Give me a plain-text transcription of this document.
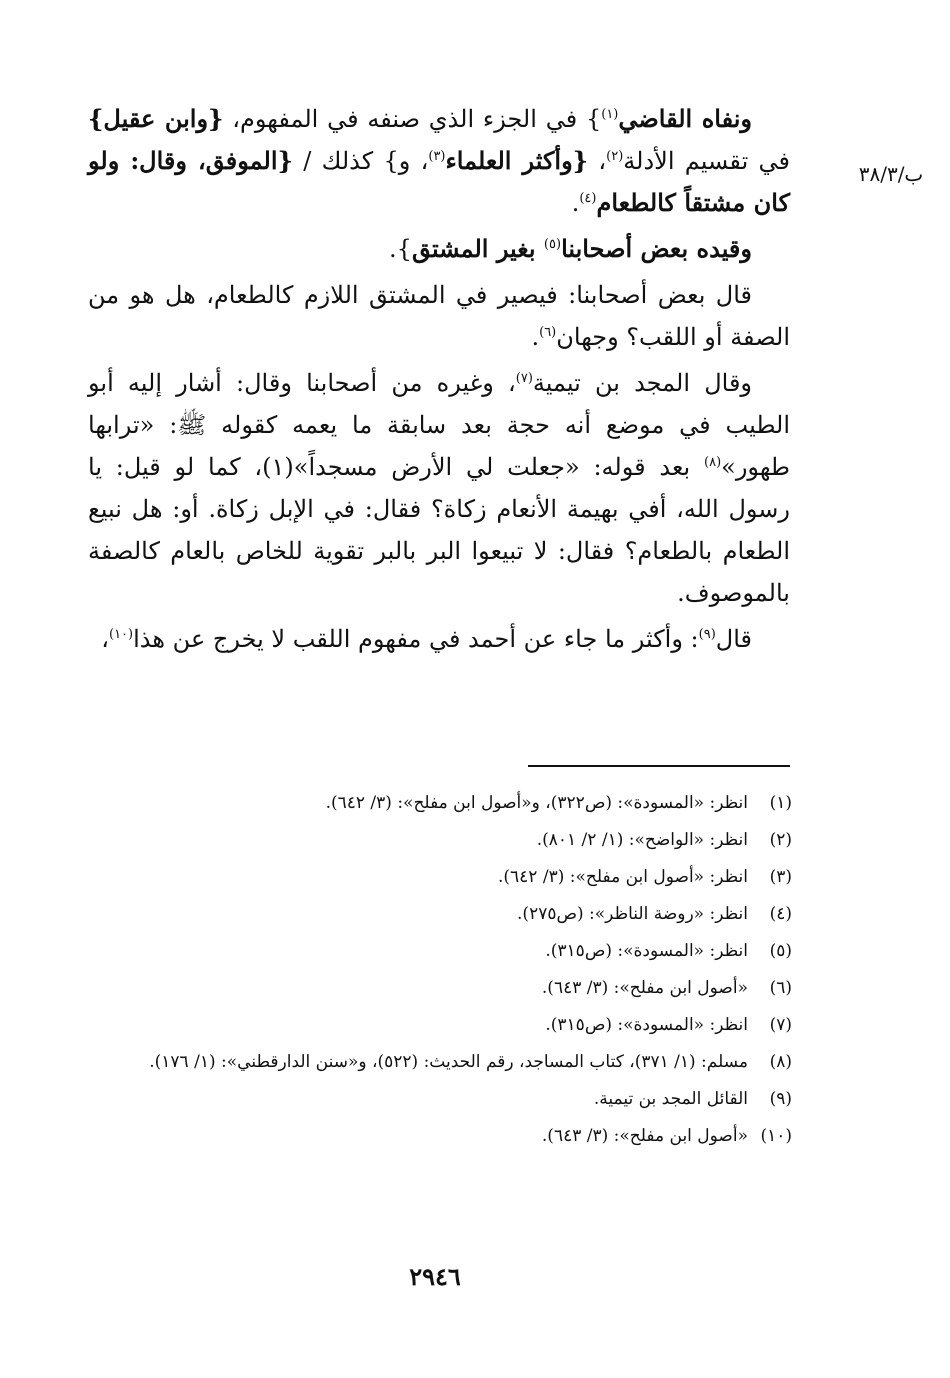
ب/٣٨/٣

ونفاه القاضي$^{(١)}$} في الجزء الذي صنفه في المفهوم، {وابن عقيل} في تقسيم الأدلة$^{(٢)}$، {وأكثر العلماء$^{(٣)}$، و} كذلك / {الموفق، وقال: ولو كان مشتقاً كالطعام$^{(٤)}$.

وقيده بعض أصحابنا$^{(٥)}$ بغير المشتق}.

قال بعض أصحابنا: فيصير في المشتق اللازم كالطعام، هل هو من الصفة أو اللقب؟ وجهان$^{(٦)}$.

وقال المجد بن تيمية$^{(٧)}$، وغيره من أصحابنا وقال: أشار إليه أبو الطيب في موضع أنه حجة بعد سابقة ما يعمه كقوله ﷺ: «ترابها طهور»$^{(٨)}$ بعد قوله: «جعلت لي الأرض مسجداً»(١)، كما لو قيل: يا رسول الله، أفي بهيمة الأنعام زكاة؟ فقال: في الإبل زكاة. أو: هل نبيع الطعام بالطعام؟ فقال: لا تبيعوا البر بالبر تقوية للخاص بالعام كالصفة بالموصوف.

قال$^{(٩)}$: وأكثر ما جاء عن أحمد في مفهوم اللقب لا يخرج عن هذا$^{(١٠)}$،

(١)
انظر: «المسودة»: (ص٣٢٢)، و«أصول ابن مفلح»: (٣/ ٦٤٢).
(٢)
انظر: «الواضح»: (١/ ٢/ ٨٠١).
(٣)
انظر: «أصول ابن مفلح»: (٣/ ٦٤٢).
(٤)
انظر: «روضة الناظر»: (ص٢٧٥).
(٥)
انظر: «المسودة»: (ص٣١٥).
(٦)
«أصول ابن مفلح»: (٣/ ٦٤٣).
(٧)
انظر: «المسودة»: (ص٣١٥).
(٨)
مسلم: (١/ ٣٧١)، كتاب المساجد، رقم الحديث: (٥٢٢)، و«سنن الدارقطني»: (١/ ١٧٦).
(٩)
القائل المجد بن تيمية.
(١٠)
«أصول ابن مفلح»: (٣/ ٦٤٣).
٢٩٤٦
